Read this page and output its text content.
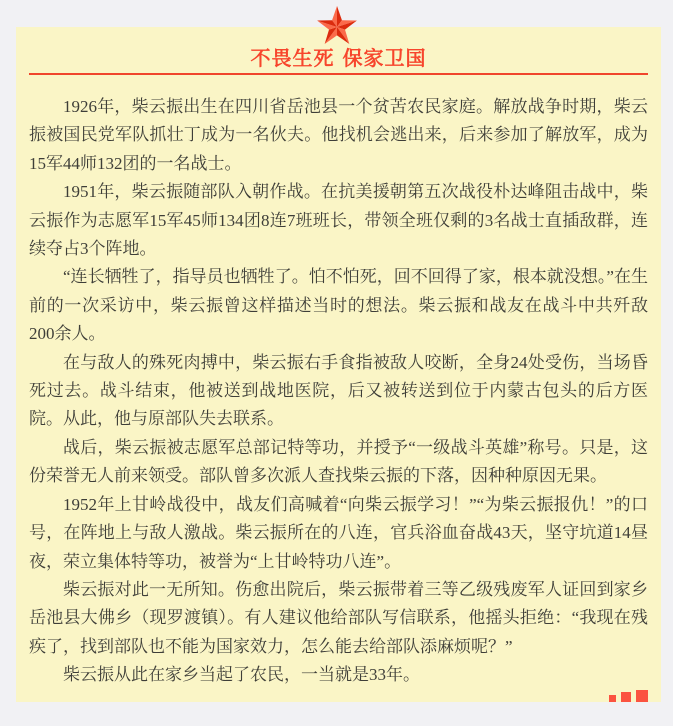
不畏生死 保家卫国

1926年，柴云振出生在四川省岳池县一个贫苦农民家庭。解放战争时期，柴云振被国民党军队抓壮丁成为一名伙夫。他找机会逃出来，后来参加了解放军，成为15军44师132团的一名战士。

1951年，柴云振随部队入朝作战。在抗美援朝第五次战役朴达峰阻击战中，柴云振作为志愿军15军45师134团8连7班班长，带领全班仅剩的3名战士直插敌群，连续夺占3个阵地。

“连长牺牲了，指导员也牺牲了。怕不怕死，回不回得了家，根本就没想。”在生前的一次采访中，柴云振曾这样描述当时的想法。柴云振和战友在战斗中共歼敌200余人。

在与敌人的殊死肉搏中，柴云振右手食指被敌人咬断，全身24处受伤，当场昏死过去。战斗结束，他被送到战地医院，后又被转送到位于内蒙古包头的后方医院。从此，他与原部队失去联系。

战后，柴云振被志愿军总部记特等功，并授予“一级战斗英雄”称号。只是，这份荣誉无人前来领受。部队曾多次派人查找柴云振的下落，因种种原因无果。

1952年上甘岭战役中，战友们高喊着“向柴云振学习！”“为柴云振报仇！”的口号，在阵地上与敌人激战。柴云振所在的八连，官兵浴血奋战43天，坚守坑道14昼夜，荣立集体特等功，被誉为“上甘岭特功八连”。

柴云振对此一无所知。伤愈出院后，柴云振带着三等乙级残废军人证回到家乡岳池县大佛乡（现罗渡镇）。有人建议他给部队写信联系，他摇头拒绝：“我现在残疾了，找到部队也不能为国家效力，怎么能去给部队添麻烦呢？”

柴云振从此在家乡当起了农民，一当就是33年。
